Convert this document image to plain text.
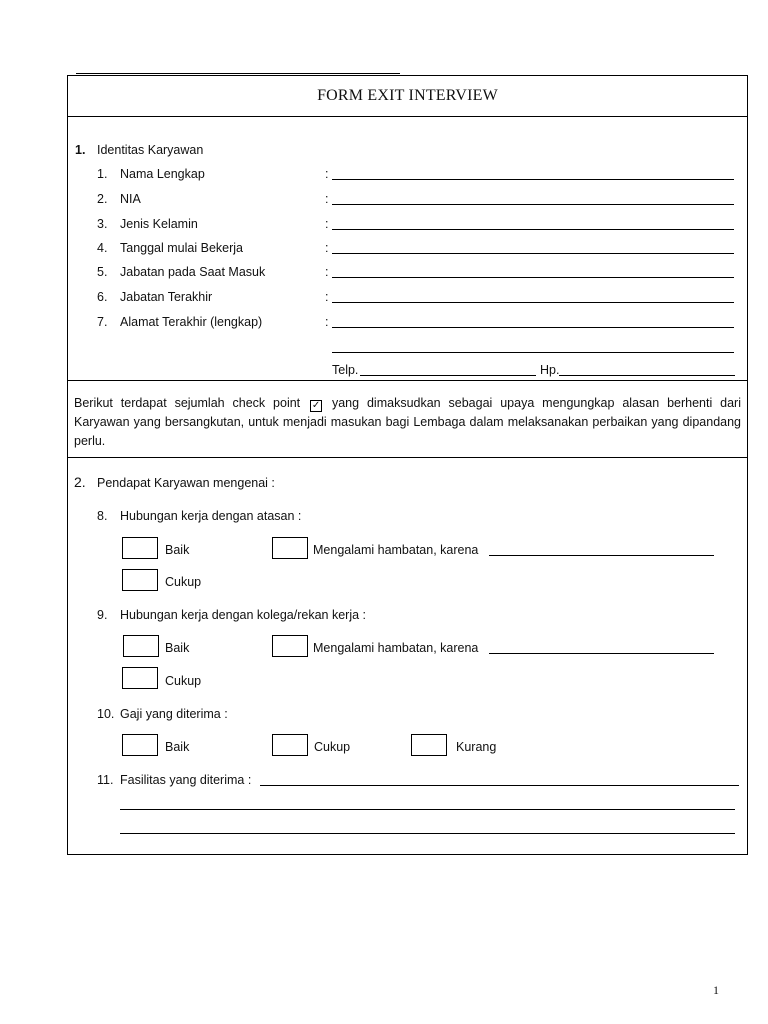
FORM EXIT INTERVIEW
1. Identitas Karyawan
1. Nama Lengkap	:
2. NIA	:
3. Jenis Kelamin	:
4. Tanggal mulai Bekerja	:
5. Jabatan pada Saat Masuk	:
6. Jabatan Terakhir	:
7. Alamat Terakhir (lengkap)	:
Telp.	Hp.
Berikut terdapat sejumlah check point ✓ yang dimaksudkan sebagai upaya mengungkap alasan berhenti dari Karyawan yang bersangkutan, untuk menjadi masukan bagi Lembaga dalam melaksanakan perbaikan yang dipandang perlu.
2. Pendapat Karyawan mengenai :
8. Hubungan kerja dengan atasan :
Baik	Mengalami hambatan, karena
Cukup
9. Hubungan kerja dengan kolega/rekan kerja :
Baik	Mengalami hambatan, karena
Cukup
10. Gaji yang diterima :
Baik	Cukup	Kurang
11. Fasilitas yang diterima :
1
